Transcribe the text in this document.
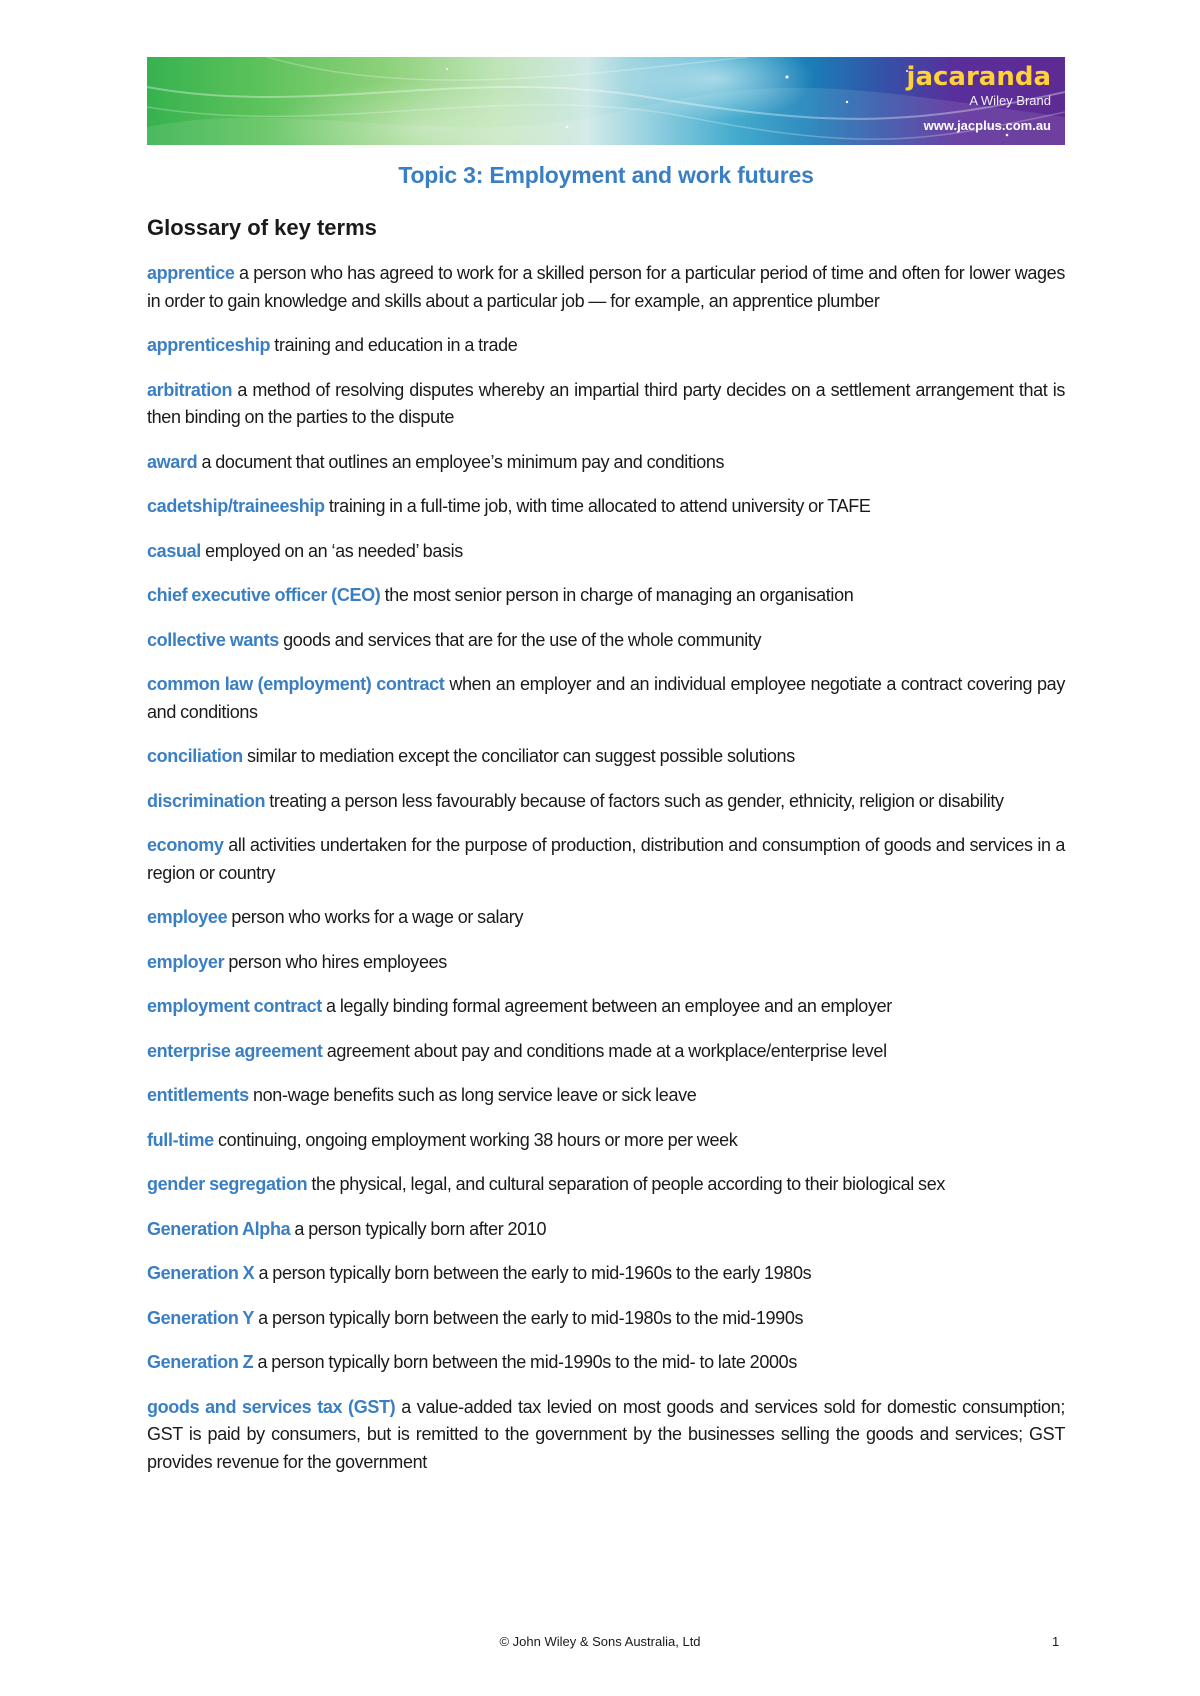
jacaranda
A Wiley Brand
www.jacplus.com.au
Topic 3: Employment and work futures
Glossary of key terms

apprentice a person who has agreed to work for a skilled person for a particular period of time and often for lower wages in order to gain knowledge and skills about a particular job — for example, an apprentice plumber

apprenticeship training and education in a trade

arbitration a method of resolving disputes whereby an impartial third party decides on a settlement arrangement that is then binding on the parties to the dispute

award a document that outlines an employee’s minimum pay and conditions

cadetship/traineeship training in a full-time job, with time allocated to attend university or TAFE

casual employed on an ‘as needed’ basis

chief executive officer (CEO) the most senior person in charge of managing an organisation

collective wants goods and services that are for the use of the whole community

common law (employment) contract when an employer and an individual employee negotiate a contract covering pay and conditions

conciliation similar to mediation except the conciliator can suggest possible solutions

discrimination treating a person less favourably because of factors such as gender, ethnicity, religion or disability

economy all activities undertaken for the purpose of production, distribution and consumption of goods and services in a region or country

employee person who works for a wage or salary

employer person who hires employees

employment contract a legally binding formal agreement between an employee and an employer

enterprise agreement agreement about pay and conditions made at a workplace/enterprise level

entitlements non-wage benefits such as long service leave or sick leave

full-time continuing, ongoing employment working 38 hours or more per week

gender segregation the physical, legal, and cultural separation of people according to their biological sex

Generation Alpha a person typically born after 2010

Generation X a person typically born between the early to mid-1960s to the early 1980s

Generation Y a person typically born between the early to mid-1980s to the mid-1990s

Generation Z a person typically born between the mid-1990s to the mid- to late 2000s

goods and services tax (GST) a value-added tax levied on most goods and services sold for domestic consumption; GST is paid by consumers, but is remitted to the government by the businesses selling the goods and services; GST provides revenue for the government

© John Wiley & Sons Australia, Ltd	1
